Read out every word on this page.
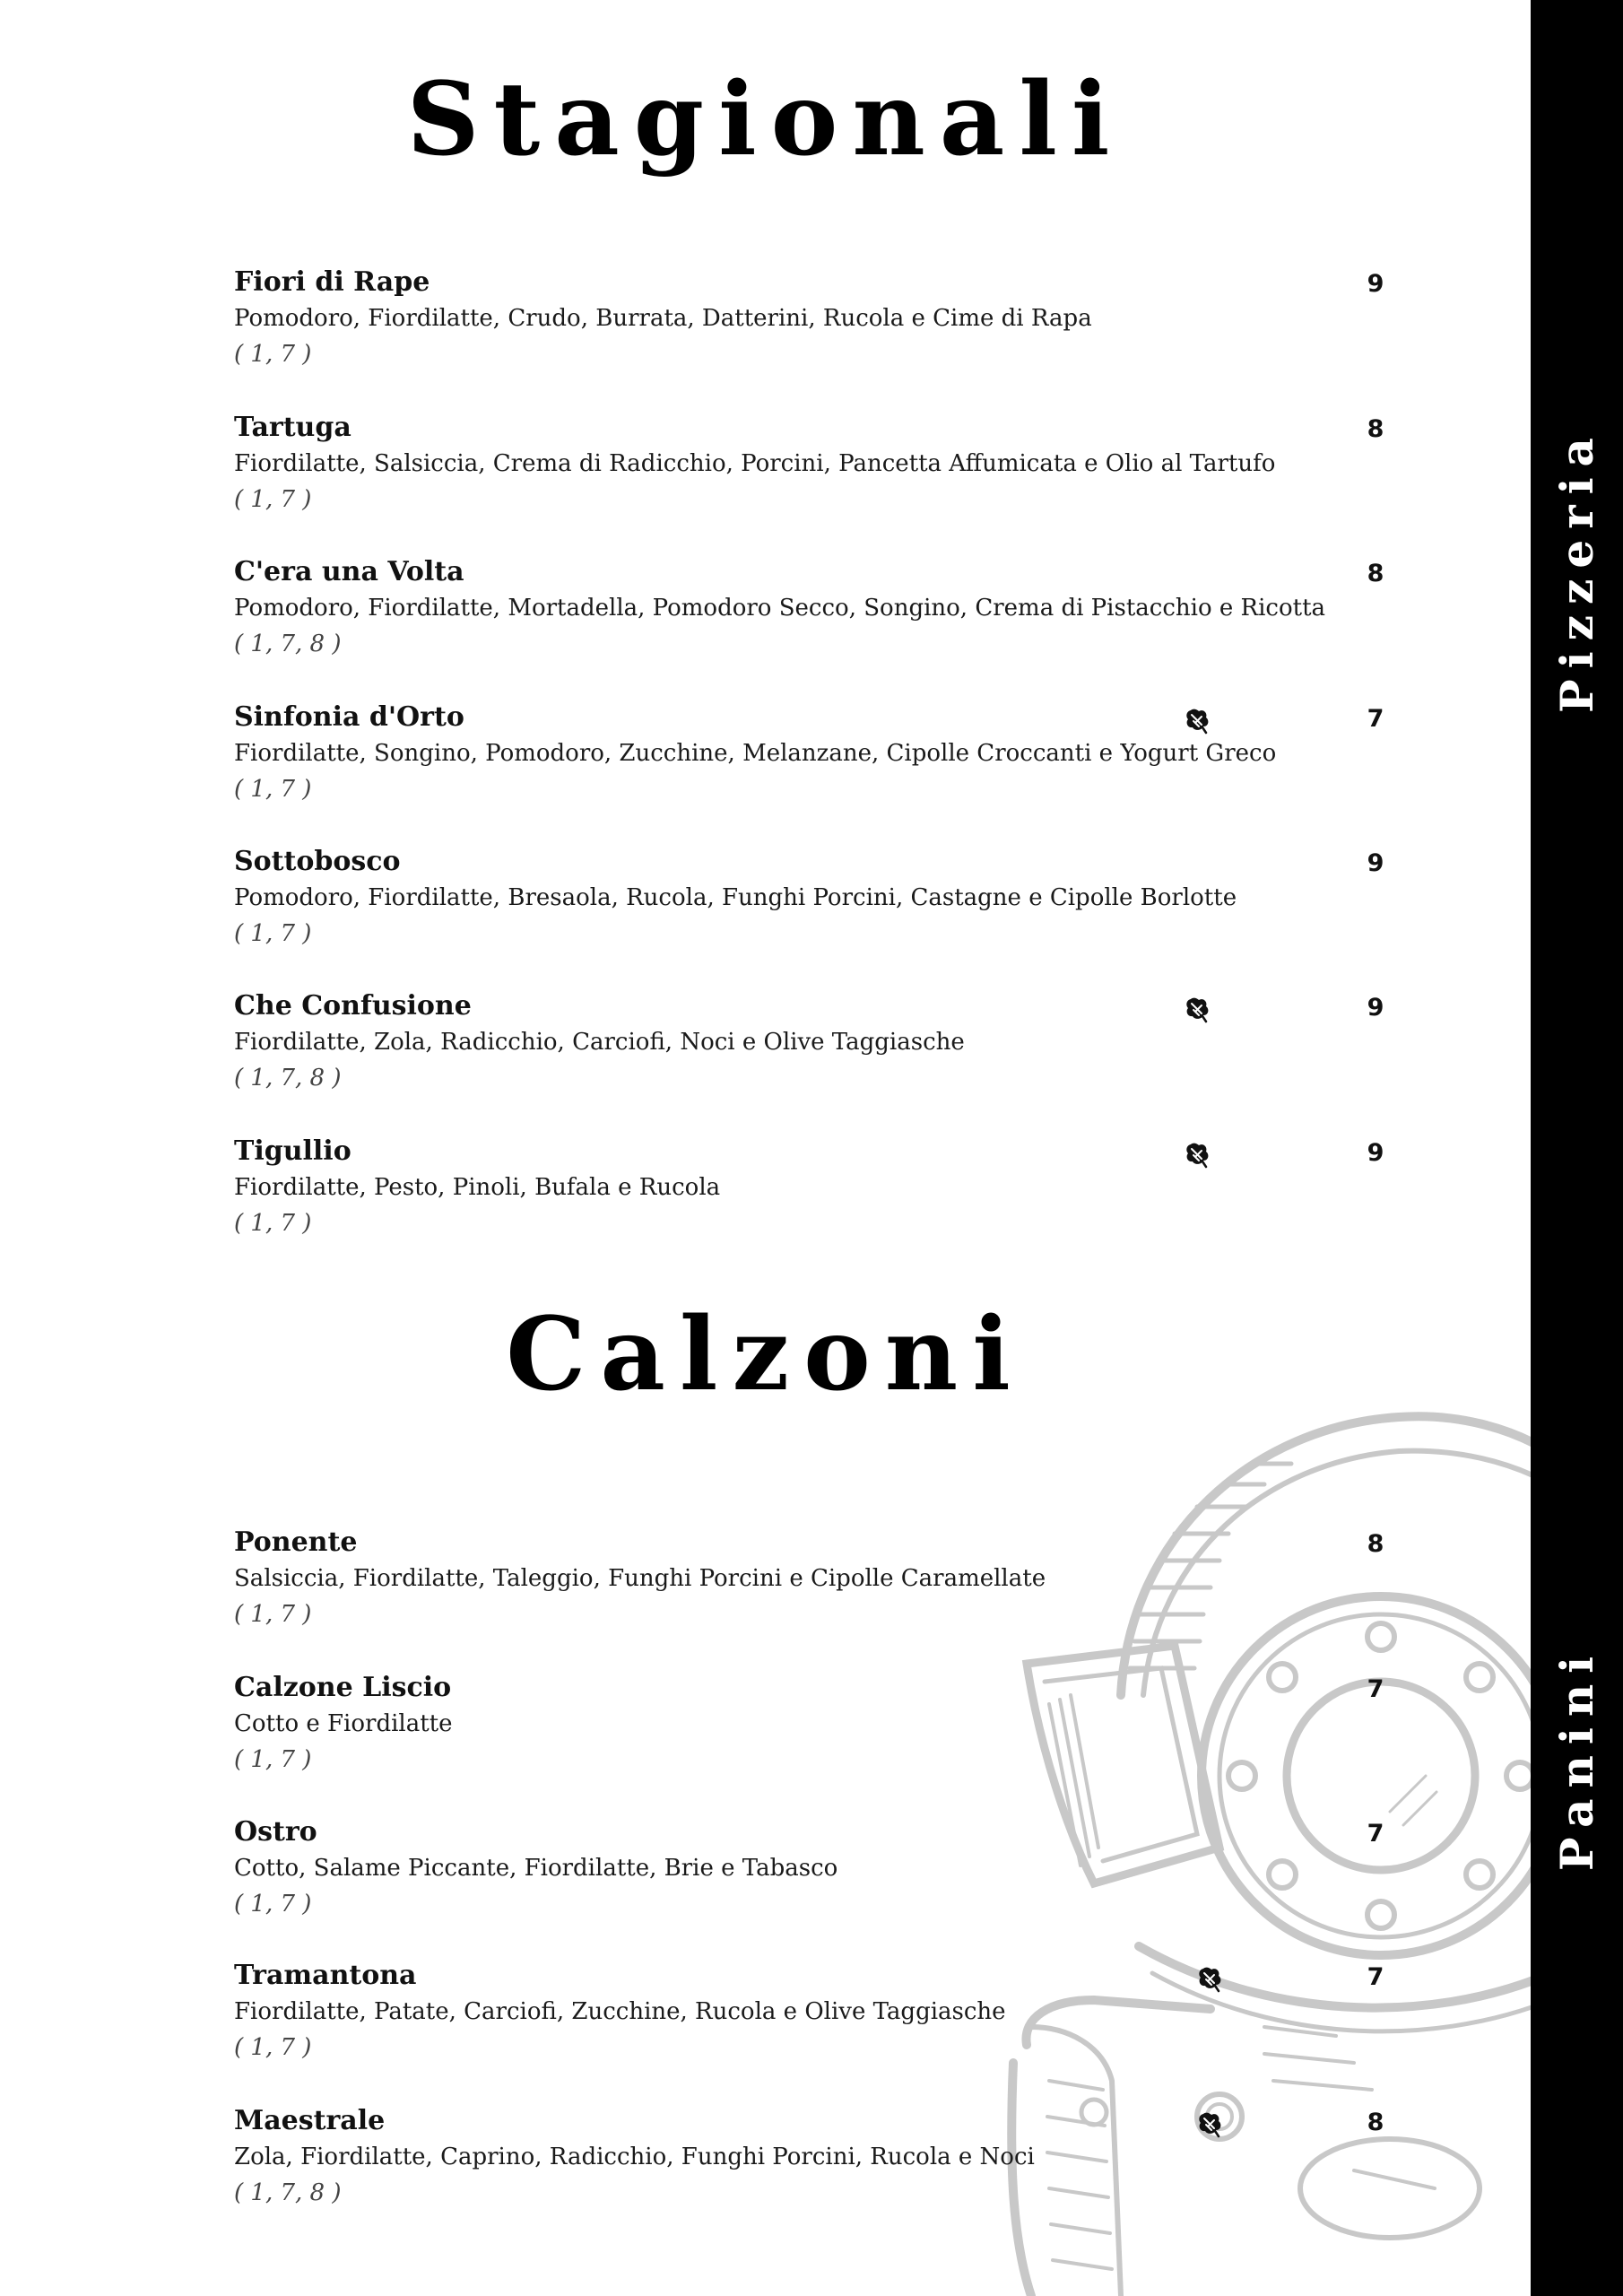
Pizzeria
Panini
Stagionali

Fiori di Rape

Pomodoro, Fiordilatte, Crudo, Burrata, Datterini, Rucola e Cime di Rapa

( 1, 7 )

9

Tartuga

Fiordilatte, Salsiccia, Crema di Radicchio, Porcini, Pancetta Affumicata e Olio al Tartufo

( 1, 7 )

8

C'era una Volta

Pomodoro, Fiordilatte, Mortadella, Pomodoro Secco, Songino, Crema di Pistacchio e Ricotta

( 1, 7, 8 )

8

Sinfonia d'Orto

Fiordilatte, Songino, Pomodoro, Zucchine, Melanzane, Cipolle Croccanti e Yogurt Greco

( 1, 7 )

7

Sottobosco

Pomodoro, Fiordilatte, Bresaola, Rucola, Funghi Porcini, Castagne e Cipolle Borlotte

( 1, 7 )

9

Che Confusione

Fiordilatte, Zola, Radicchio, Carciofi, Noci e Olive Taggiasche

( 1, 7, 8 )

9

Tigullio

Fiordilatte, Pesto, Pinoli, Bufala e Rucola

( 1, 7 )

9
Calzoni

Ponente

Salsiccia, Fiordilatte, Taleggio, Funghi Porcini e Cipolle Caramellate

( 1, 7 )

8

Calzone Liscio

Cotto e Fiordilatte

( 1, 7 )

7

Ostro

Cotto, Salame Piccante, Fiordilatte, Brie e Tabasco

( 1, 7 )

7

Tramantona

Fiordilatte, Patate, Carciofi, Zucchine, Rucola e Olive Taggiasche

( 1, 7 )

7

Maestrale

Zola, Fiordilatte, Caprino, Radicchio, Funghi Porcini, Rucola e Noci

( 1, 7, 8 )

8
